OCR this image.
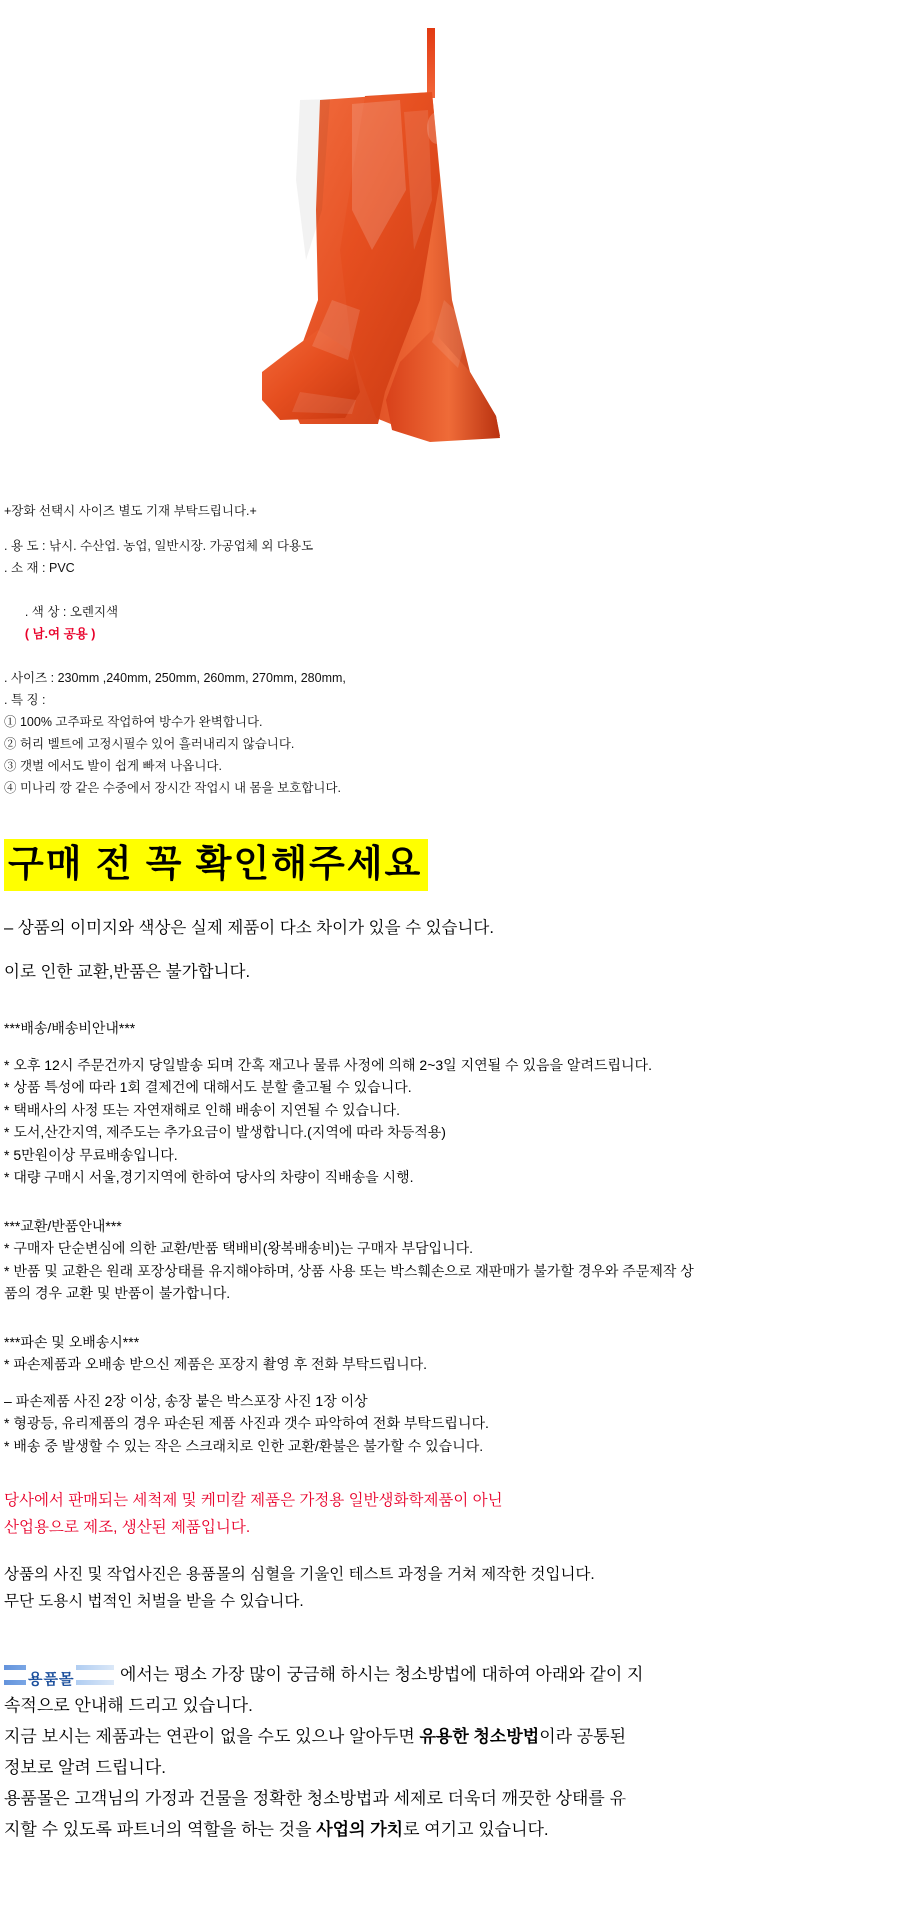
+장화 선택시 사이즈 별도 기재 부탁드립니다.+
. 용 도 : 낚시. 수산업. 농업, 일반시장. 가공업체 외 다용도
. 소 재 : PVC

. 색 상 : 오렌지색
( 남.여 공용 )

. 사이즈 : 230mm ,240mm, 250mm, 260mm, 270mm, 280mm,
. 특 징 :
① 100% 고주파로 작업하여 방수가 완벽합니다.
② 허리 벨트에 고정시필수 있어 흘러내리지 않습니다.
③ 갯벌 에서도 발이 쉽게 빠져 나옵니다.
④ 미나리 깡 같은 수중에서 장시간 작업시 내 몸을 보호합니다.
구매 전 꼭 확인해주세요

– 상품의 이미지와 색상은 실제 제품이 다소 차이가 있을 수 있습니다.

이로 인한 교환,반품은 불가합니다.

***배송/배송비안내***

* 오후 12시 주문건까지 당일발송 되며 간혹 재고나 물류 사정에 의해 2~3일 지연될 수 있음을 알려드립니다.

* 상품 특성에 따라 1회 결제건에 대해서도 분할 출고될 수 있습니다.

* 택배사의 사정 또는 자연재해로 인해 배송이 지연될 수 있습니다.

* 도서,산간지역, 제주도는 추가요금이 발생합니다.(지역에 따라 차등적용)

* 5만원이상 무료배송입니다.

* 대량 구매시 서울,경기지역에 한하여 당사의 차량이 직배송을 시행.

***교환/반품안내***

* 구매자 단순변심에 의한 교환/반품 택배비(왕복배송비)는 구매자 부담입니다.

* 반품 및 교환은 원래 포장상태를 유지해야하며, 상품 사용 또는 박스훼손으로 재판매가 불가할 경우와 주문제작 상

품의 경우 교환 및 반품이 불가합니다.

***파손 및 오배송시***

* 파손제품과 오배송 받으신 제품은 포장지 촬영 후 전화 부탁드립니다.

– 파손제품 사진 2장 이상, 송장 붙은 박스포장 사진 1장 이상

* 형광등, 유리제품의 경우 파손된 제품 사진과 갯수 파악하여 전화 부탁드립니다.

* 배송 중 발생할 수 있는 작은 스크래치로 인한 교환/환불은 불가할 수 있습니다.

당사에서 판매되는 세척제 및 케미칼 제품은 가정용 일반생화학제품이 아닌

산업용으로 제조, 생산된 제품입니다.

상품의 사진 및 작업사진은 용품몰의 심혈을 기울인 테스트 과정을 거쳐 제작한 것입니다.

무단 도용시 법적인 처벌을 받을 수 있습니다.

용품몰	에서는 평소 가장 많이 궁금해 하시는 청소방법에 대하여 아래와 같이 지
속적으로 안내해 드리고 있습니다.
지금 보시는 제품과는 연관이 없을 수도 있으나 알아두면 유용한 청소방법이라 공통된
정보로 알려 드립니다.
용품몰은 고객님의 가정과 건물을 정확한 청소방법과 세제로 더욱더 깨끗한 상태를 유
지할 수 있도록 파트너의 역할을 하는 것을 사업의 가치로 여기고 있습니다.
